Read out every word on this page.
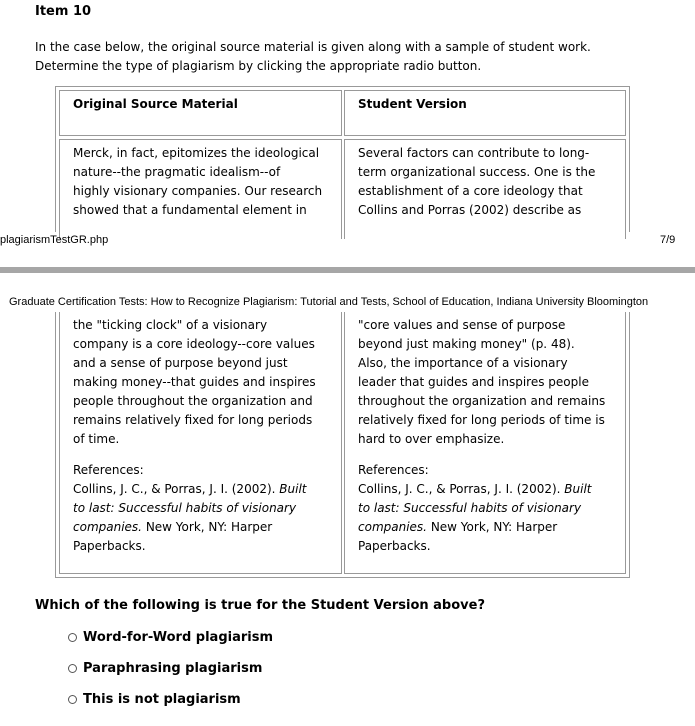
Item 10
In the case below, the original source material is given along with a sample of student work.
Determine the type of plagiarism by clicking the appropriate radio button.
Original Source Material	Student Version
Merck, in fact, epitomizes the ideological
nature--the pragmatic idealism--of
highly visionary companies. Our research
showed that a fundamental element in
Several factors can contribute to long-
term organizational success. One is the
establishment of a core ideology that
Collins and Porras (2002) describe as
plagiarismTestGR.php	7/9
Graduate Certification Tests: How to Recognize Plagiarism: Tutorial and Tests, School of Education, Indiana University Bloomington
the "ticking clock" of a visionary
company is a core ideology--core values
and a sense of purpose beyond just
making money--that guides and inspires
people throughout the organization and
remains relatively fixed for long periods
of time.
References:
Collins, J. C., & Porras, J. I. (2002). Built
to last: Successful habits of visionary
companies. New York, NY: Harper
Paperbacks.
"core values and sense of purpose
beyond just making money" (p. 48).
Also, the importance of a visionary
leader that guides and inspires people
throughout the organization and remains
relatively fixed for long periods of time is
hard to over emphasize.
References:
Collins, J. C., & Porras, J. I. (2002). Built
to last: Successful habits of visionary
companies. New York, NY: Harper
Paperbacks.
Which of the following is true for the Student Version above?
Word-for-Word plagiarism
Paraphrasing plagiarism
This is not plagiarism
